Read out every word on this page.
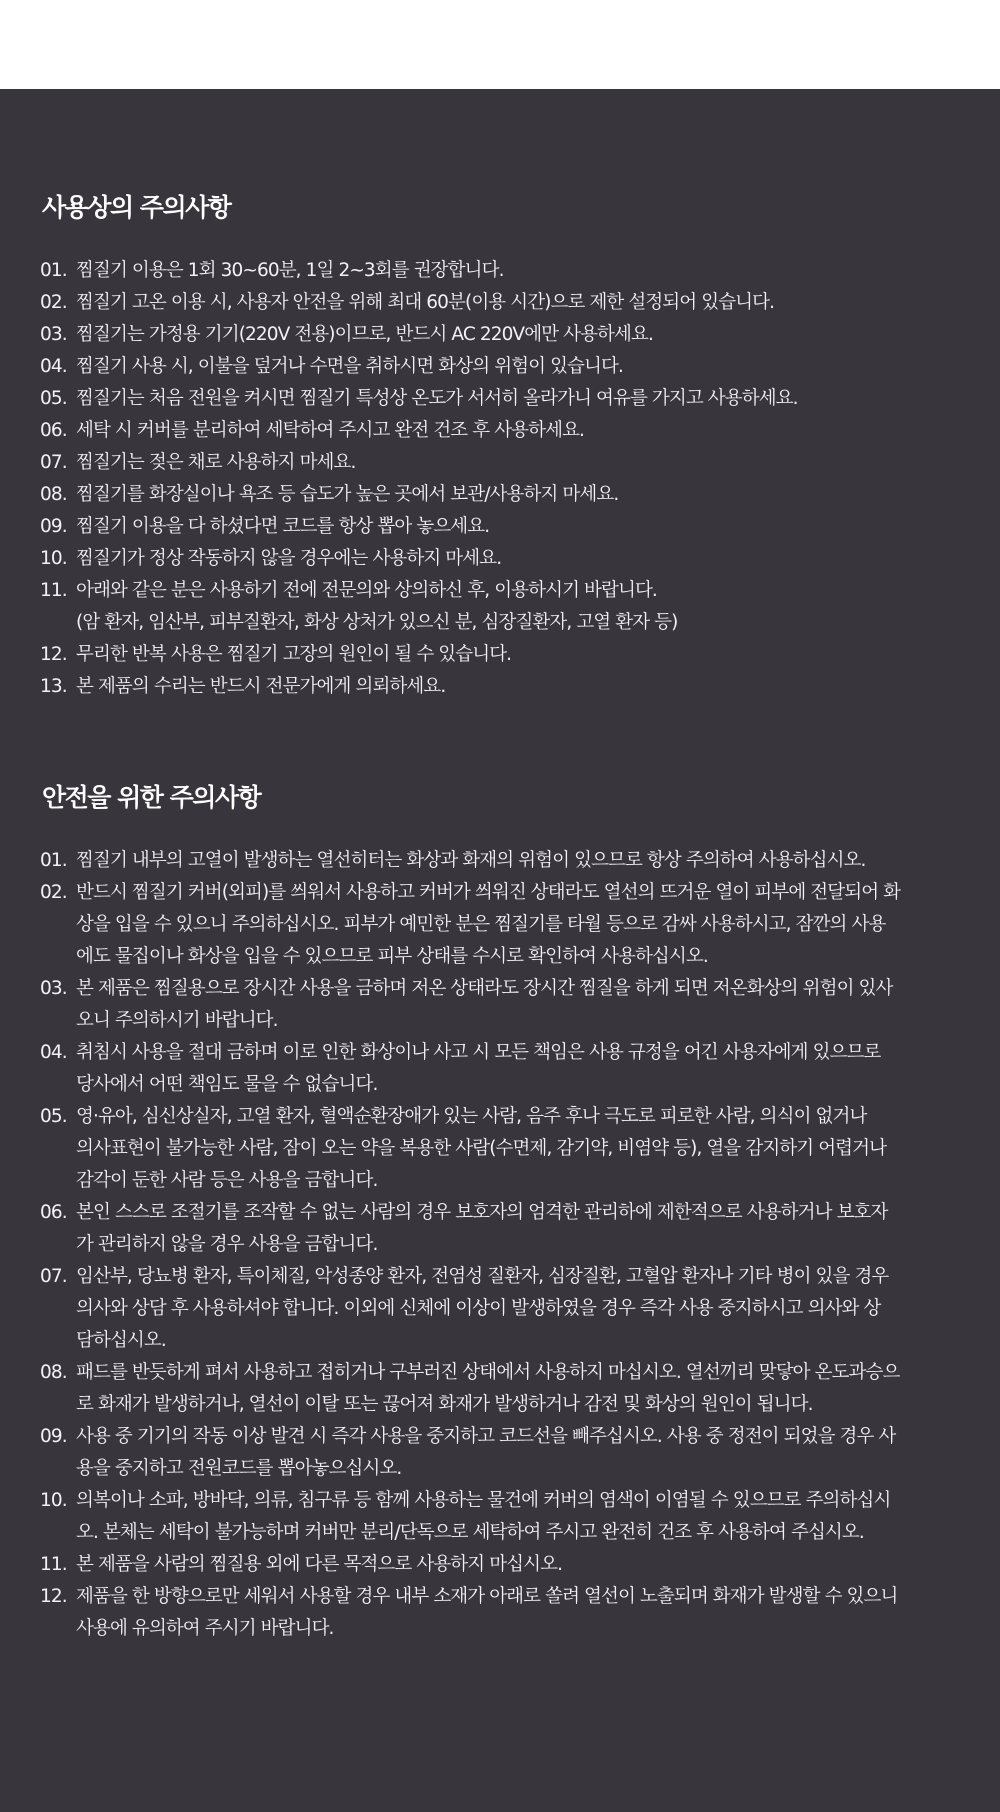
사용상의 주의사항
01. 찜질기 이용은 1회 30~60분, 1일 2~3회를 권장합니다.
02. 찜질기 고온 이용 시, 사용자 안전을 위해 최대 60분(이용 시간)으로 제한 설정되어 있습니다.
03. 찜질기는 가정용 기기(220V 전용)이므로, 반드시 AC 220V에만 사용하세요.
04. 찜질기 사용 시, 이불을 덮거나 수면을 취하시면 화상의 위험이 있습니다.
05. 찜질기는 처음 전원을 켜시면 찜질기 특성상 온도가 서서히 올라가니 여유를 가지고 사용하세요.
06. 세탁 시 커버를 분리하여 세탁하여 주시고 완전 건조 후 사용하세요.
07. 찜질기는 젖은 채로 사용하지 마세요.
08. 찜질기를 화장실이나 욕조 등 습도가 높은 곳에서 보관/사용하지 마세요.
09. 찜질기 이용을 다 하셨다면 코드를 항상 뽑아 놓으세요.
10. 찜질기가 정상 작동하지 않을 경우에는 사용하지 마세요.
11. 아래와 같은 분은 사용하기 전에 전문의와 상의하신 후, 이용하시기 바랍니다.
(암 환자, 임산부, 피부질환자, 화상 상처가 있으신 분, 심장질환자, 고열 환자 등)
12. 무리한 반복 사용은 찜질기 고장의 원인이 될 수 있습니다.
13. 본 제품의 수리는 반드시 전문가에게 의뢰하세요.
안전을 위한 주의사항
01. 찜질기 내부의 고열이 발생하는 열선히터는 화상과 화재의 위험이 있으므로 항상 주의하여 사용하십시오.
02. 반드시 찜질기 커버(외피)를 씌워서 사용하고 커버가 씌워진 상태라도 열선의 뜨거운 열이 피부에 전달되어 화
상을 입을 수 있으니 주의하십시오. 피부가 예민한 분은 찜질기를 타월 등으로 감싸 사용하시고, 잠깐의 사용
에도 물집이나 화상을 입을 수 있으므로 피부 상태를 수시로 확인하여 사용하십시오.
03. 본 제품은 찜질용으로 장시간 사용을 금하며 저온 상태라도 장시간 찜질을 하게 되면 저온화상의 위험이 있사
오니 주의하시기 바랍니다.
04. 취침시 사용을 절대 금하며 이로 인한 화상이나 사고 시 모든 책임은 사용 규정을 어긴 사용자에게 있으므로
당사에서 어떤 책임도 물을 수 없습니다.
05. 영·유아, 심신상실자, 고열 환자, 혈액순환장애가 있는 사람, 음주 후나 극도로 피로한 사람, 의식이 없거나
의사표현이 불가능한 사람, 잠이 오는 약을 복용한 사람(수면제, 감기약, 비염약 등), 열을 감지하기 어렵거나
감각이 둔한 사람 등은 사용을 금합니다.
06. 본인 스스로 조절기를 조작할 수 없는 사람의 경우 보호자의 엄격한 관리하에 제한적으로 사용하거나 보호자
가 관리하지 않을 경우 사용을 금합니다.
07. 임산부, 당뇨병 환자, 특이체질, 악성종양 환자, 전염성 질환자, 심장질환, 고혈압 환자나 기타 병이 있을 경우
의사와 상담 후 사용하셔야 합니다. 이외에 신체에 이상이 발생하였을 경우 즉각 사용 중지하시고 의사와 상
담하십시오.
08. 패드를 반듯하게 펴서 사용하고 접히거나 구부러진 상태에서 사용하지 마십시오. 열선끼리 맞닿아 온도과승으
로 화재가 발생하거나, 열선이 이탈 또는 끊어져 화재가 발생하거나 감전 및 화상의 원인이 됩니다.
09. 사용 중 기기의 작동 이상 발견 시 즉각 사용을 중지하고 코드선을 빼주십시오. 사용 중 정전이 되었을 경우 사
용을 중지하고 전원코드를 뽑아놓으십시오.
10. 의복이나 소파, 방바닥, 의류, 침구류 등 함께 사용하는 물건에 커버의 염색이 이염될 수 있으므로 주의하십시
오. 본체는 세탁이 불가능하며 커버만 분리/단독으로 세탁하여 주시고 완전히 건조 후 사용하여 주십시오.
11. 본 제품을 사람의 찜질용 외에 다른 목적으로 사용하지 마십시오.
12. 제품을 한 방향으로만 세워서 사용할 경우 내부 소재가 아래로 쏠려 열선이 노출되며 화재가 발생할 수 있으니
사용에 유의하여 주시기 바랍니다.
